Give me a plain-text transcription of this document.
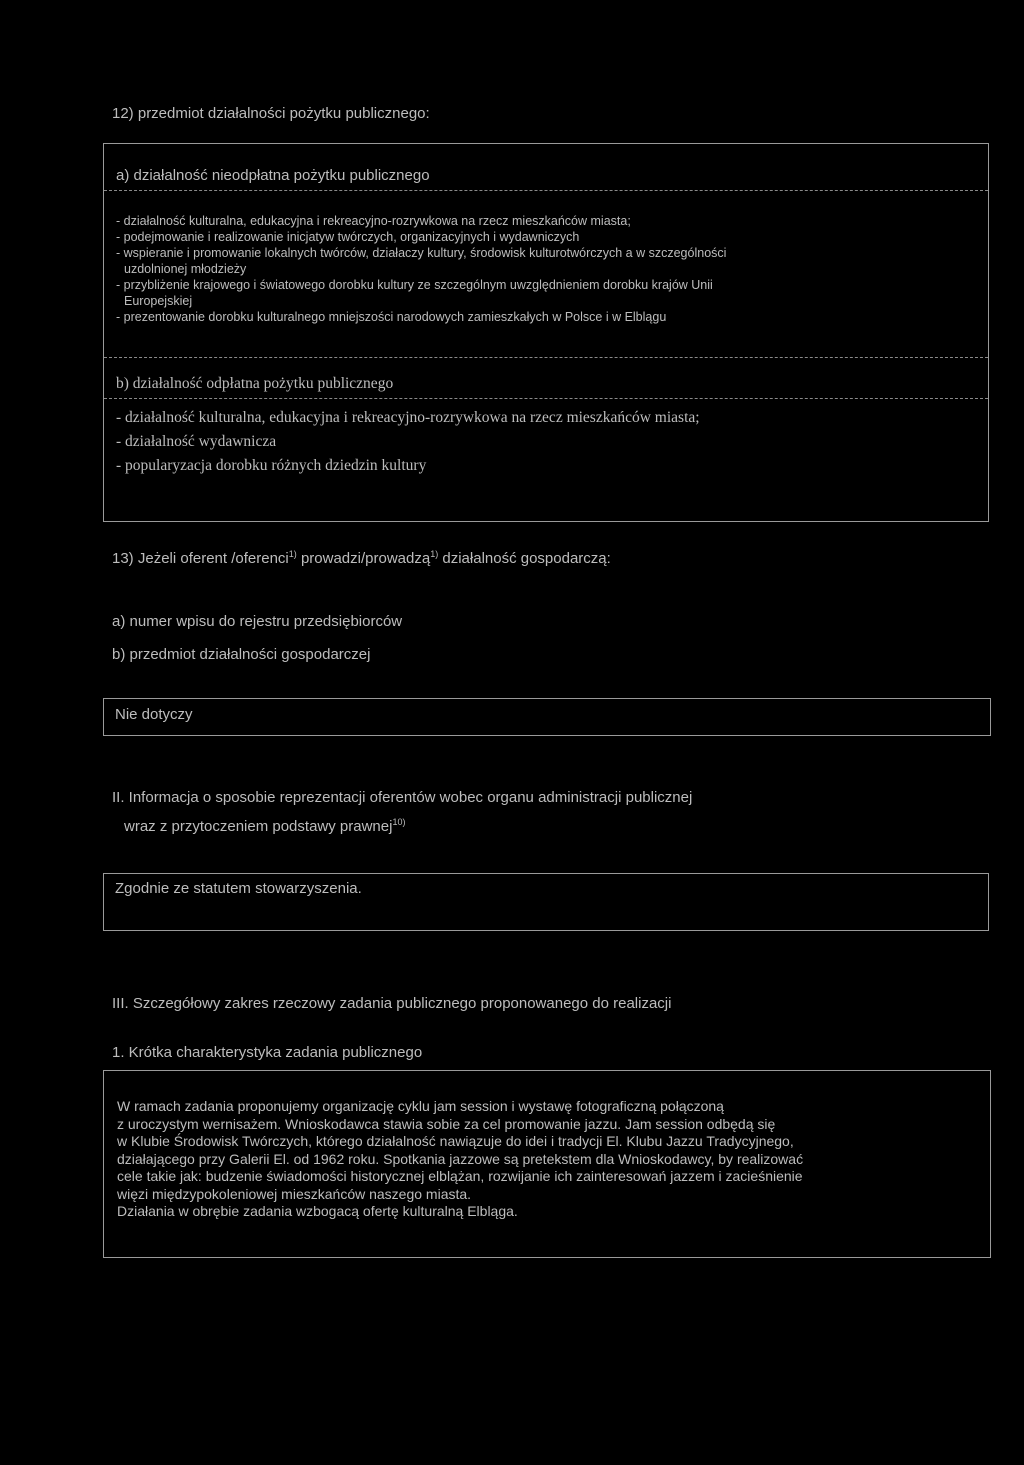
12) przedmiot działalności pożytku publicznego:
a) działalność nieodpłatna pożytku publicznego
- działalność kulturalna, edukacyjna i rekreacyjno-rozrywkowa na rzecz mieszkańców miasta;
- podejmowanie i realizowanie inicjatyw twórczych, organizacyjnych i wydawniczych
- wspieranie i promowanie lokalnych twórców, działaczy kultury, środowisk kulturotwórczych a w szczególności
uzdolnionej młodzieży
- przybliżenie krajowego i światowego dorobku kultury ze szczególnym uwzględnieniem dorobku krajów Unii
Europejskiej
- prezentowanie dorobku kulturalnego mniejszości narodowych zamieszkałych w Polsce i w Elblągu
b) działalność odpłatna pożytku publicznego
- działalność kulturalna, edukacyjna i rekreacyjno-rozrywkowa na rzecz mieszkańców miasta;
- działalność wydawnicza
- popularyzacja dorobku różnych dziedzin kultury
13) Jeżeli oferent /oferenci$^{1)}$ prowadzi/prowadzą$^{1)}$ działalność gospodarczą:
a) numer wpisu do rejestru przedsiębiorców
b) przedmiot działalności gospodarczej
Nie dotyczy
II. Informacja o sposobie reprezentacji oferentów wobec organu administracji publicznej
wraz z przytoczeniem podstawy prawnej$^{10)}$
Zgodnie ze statutem stowarzyszenia.
III. Szczegółowy zakres rzeczowy zadania publicznego proponowanego do realizacji
1. Krótka charakterystyka zadania publicznego
W ramach zadania proponujemy organizację cyklu jam session i wystawę fotograficzną połączoną
z uroczystym wernisażem. Wnioskodawca stawia sobie za cel promowanie jazzu. Jam session odbędą się
w Klubie Środowisk Twórczych, którego działalność nawiązuje do idei i tradycji El. Klubu Jazzu Tradycyjnego,
działającego przy Galerii El. od 1962 roku. Spotkania jazzowe są pretekstem dla Wnioskodawcy, by realizować
cele takie jak: budzenie świadomości historycznej elblążan, rozwijanie ich zainteresowań jazzem i zacieśnienie
więzi międzypokoleniowej mieszkańców naszego miasta.
Działania w obrębie zadania wzbogacą ofertę kulturalną Elbląga.
